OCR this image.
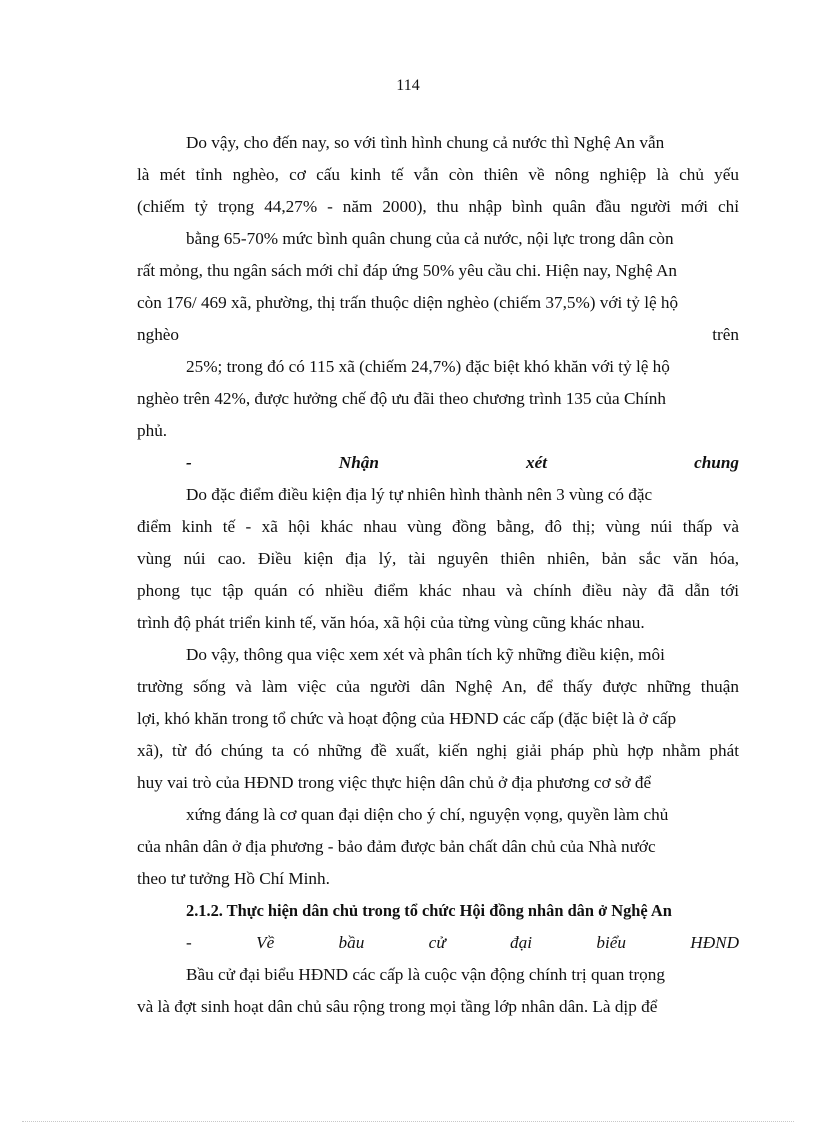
114
Do vậy, cho đến nay, so với tình hình chung cả nước thì Nghệ An vẫn
là mét tỉnh nghèo, cơ cấu kinh tế vẫn còn thiên về nông nghiệp là chủ yếu
(chiếm tỷ trọng 44,27% - năm 2000), thu nhập bình quân đầu người mới chỉ
bằng 65-70% mức bình quân chung của cả nước, nội lực trong dân còn
rất mỏng, thu ngân sách mới chỉ đáp ứng 50% yêu cầu chi. Hiện nay, Nghệ An
còn 176/ 469 xã, phường, thị trấn thuộc diện nghèo (chiếm 37,5%) với tỷ lệ hộ
nghèo trên
25%; trong đó có 115 xã (chiếm 24,7%) đặc biệt khó khăn với tỷ lệ hộ
nghèo trên 42%, được hưởng chế độ ưu đãi theo chương trình 135 của Chính
phủ.
- Nhận xét chung
Do đặc điểm điều kiện địa lý tự nhiên hình thành nên 3 vùng có đặc
điểm kinh tế - xã hội khác nhau vùng đồng bằng, đô thị; vùng núi thấp và
vùng núi cao. Điều kiện địa lý, tài nguyên thiên nhiên, bản sắc văn hóa,
phong tục tập quán có nhiều điểm khác nhau và chính điều này đã dẫn tới
trình độ phát triển kinh tế, văn hóa, xã hội của từng vùng cũng khác nhau.
Do vậy, thông qua việc xem xét và phân tích kỹ những điều kiện, môi
trường sống và làm việc của người dân Nghệ An, để thấy được những thuận
lợi, khó khăn trong tổ chức và hoạt động của HĐND các cấp (đặc biệt là ở cấp
xã), từ đó chúng ta có những đề xuất, kiến nghị giải pháp phù hợp nhằm phát
huy vai trò của HĐND trong việc thực hiện dân chủ ở địa phương cơ sở để
xứng đáng là cơ quan đại diện cho ý chí, nguyện vọng, quyền làm chủ
của nhân dân ở địa phương - bảo đảm được bản chất dân chủ của Nhà nước
theo tư tưởng Hồ Chí Minh.
2.1.2. Thực hiện dân chủ trong tổ chức Hội đồng nhân dân ở Nghệ An
- Về bầu cử đại biểu HĐND
Bầu cử đại biểu HĐND các cấp là cuộc vận động chính trị quan trọng
và là đợt sinh hoạt dân chủ sâu rộng trong mọi tầng lớp nhân dân. Là dịp để
